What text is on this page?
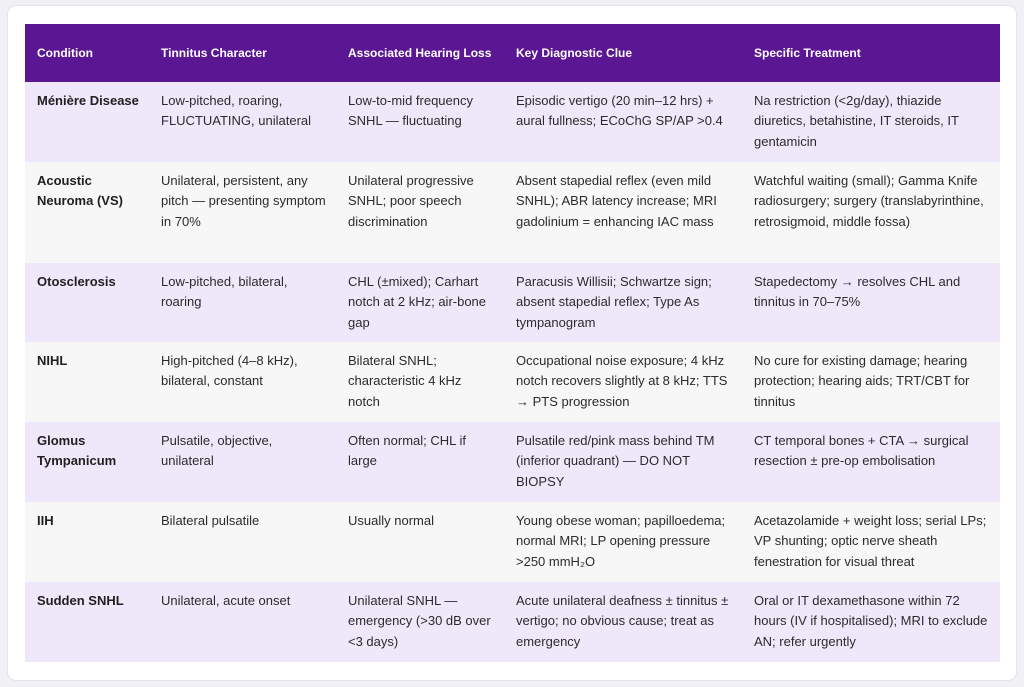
Condition	Tinnitus Character	Associated Hearing Loss	Key Diagnostic Clue	Specific Treatment
Ménière Disease	Low-pitched, roaring, FLUCTUATING, unilateral	Low-to-mid frequency SNHL — fluctuating	Episodic vertigo (20 min–12 hrs) + aural fullness; ECoChG SP/AP >0.4	Na restriction (<2g/day), thiazide diuretics, betahistine, IT steroids, IT gentamicin
Acoustic Neuroma (VS)	Unilateral, persistent, any pitch — presenting symptom in 70%	Unilateral progressive SNHL; poor speech discrimination	Absent stapedial reflex (even mild SNHL); ABR latency increase; MRI gadolinium = enhancing IAC mass	Watchful waiting (small); Gamma Knife radiosurgery; surgery (translabyrinthine, retrosigmoid, middle fossa)
Otosclerosis	Low-pitched, bilateral, roaring	CHL (±mixed); Carhart notch at 2 kHz; air-bone gap	Paracusis Willisii; Schwartze sign; absent stapedial reflex; Type As tympanogram	Stapedectomy → resolves CHL and tinnitus in 70–75%
NIHL	High-pitched (4–8 kHz), bilateral, constant	Bilateral SNHL; characteristic 4 kHz notch	Occupational noise exposure; 4 kHz notch recovers slightly at 8 kHz; TTS → PTS progression	No cure for existing damage; hearing protection; hearing aids; TRT/CBT for tinnitus
Glomus Tympanicum	Pulsatile, objective, unilateral	Often normal; CHL if large	Pulsatile red/pink mass behind TM (inferior quadrant) — DO NOT BIOPSY	CT temporal bones + CTA → surgical resection ± pre-op embolisation
IIH	Bilateral pulsatile	Usually normal	Young obese woman; papilloedema; normal MRI; LP opening pressure >250 mmH₂O	Acetazolamide + weight loss; serial LPs; VP shunting; optic nerve sheath fenestration for visual threat
Sudden SNHL	Unilateral, acute onset	Unilateral SNHL — emergency (>30 dB over <3 days)	Acute unilateral deafness ± tinnitus ± vertigo; no obvious cause; treat as emergency	Oral or IT dexamethasone within 72 hours (IV if hospitalised); MRI to exclude AN; refer urgently
